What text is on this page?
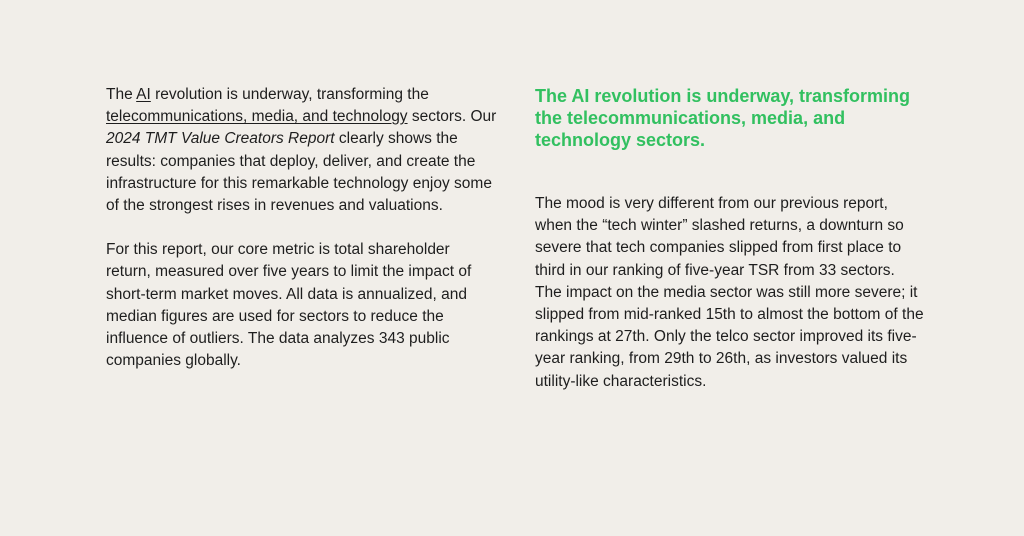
The AI revolution is underway, transforming the telecommunications, media, and technology sectors. Our 2024 TMT Value Creators Report clearly shows the results: companies that deploy, deliver, and create the infrastructure for this remarkable technology enjoy some of the strongest rises in revenues and valuations.

For this report, our core metric is total shareholder return, measured over five years to limit the impact of short-term market moves. All data is annualized, and median figures are used for sectors to reduce the influence of outliers. The data analyzes 343 public companies globally.

The AI revolution is underway, transforming the telecommunications, media, and technology sectors.

The mood is very different from our previous report, when the “tech winter” slashed returns, a downturn so severe that tech companies slipped from first place to third in our ranking of five-year TSR from 33 sectors. The impact on the media sector was still more severe; it slipped from mid-ranked 15th to almost the bottom of the rankings at 27th. Only the telco sector improved its five-year ranking, from 29th to 26th, as investors valued its utility-like characteristics.
